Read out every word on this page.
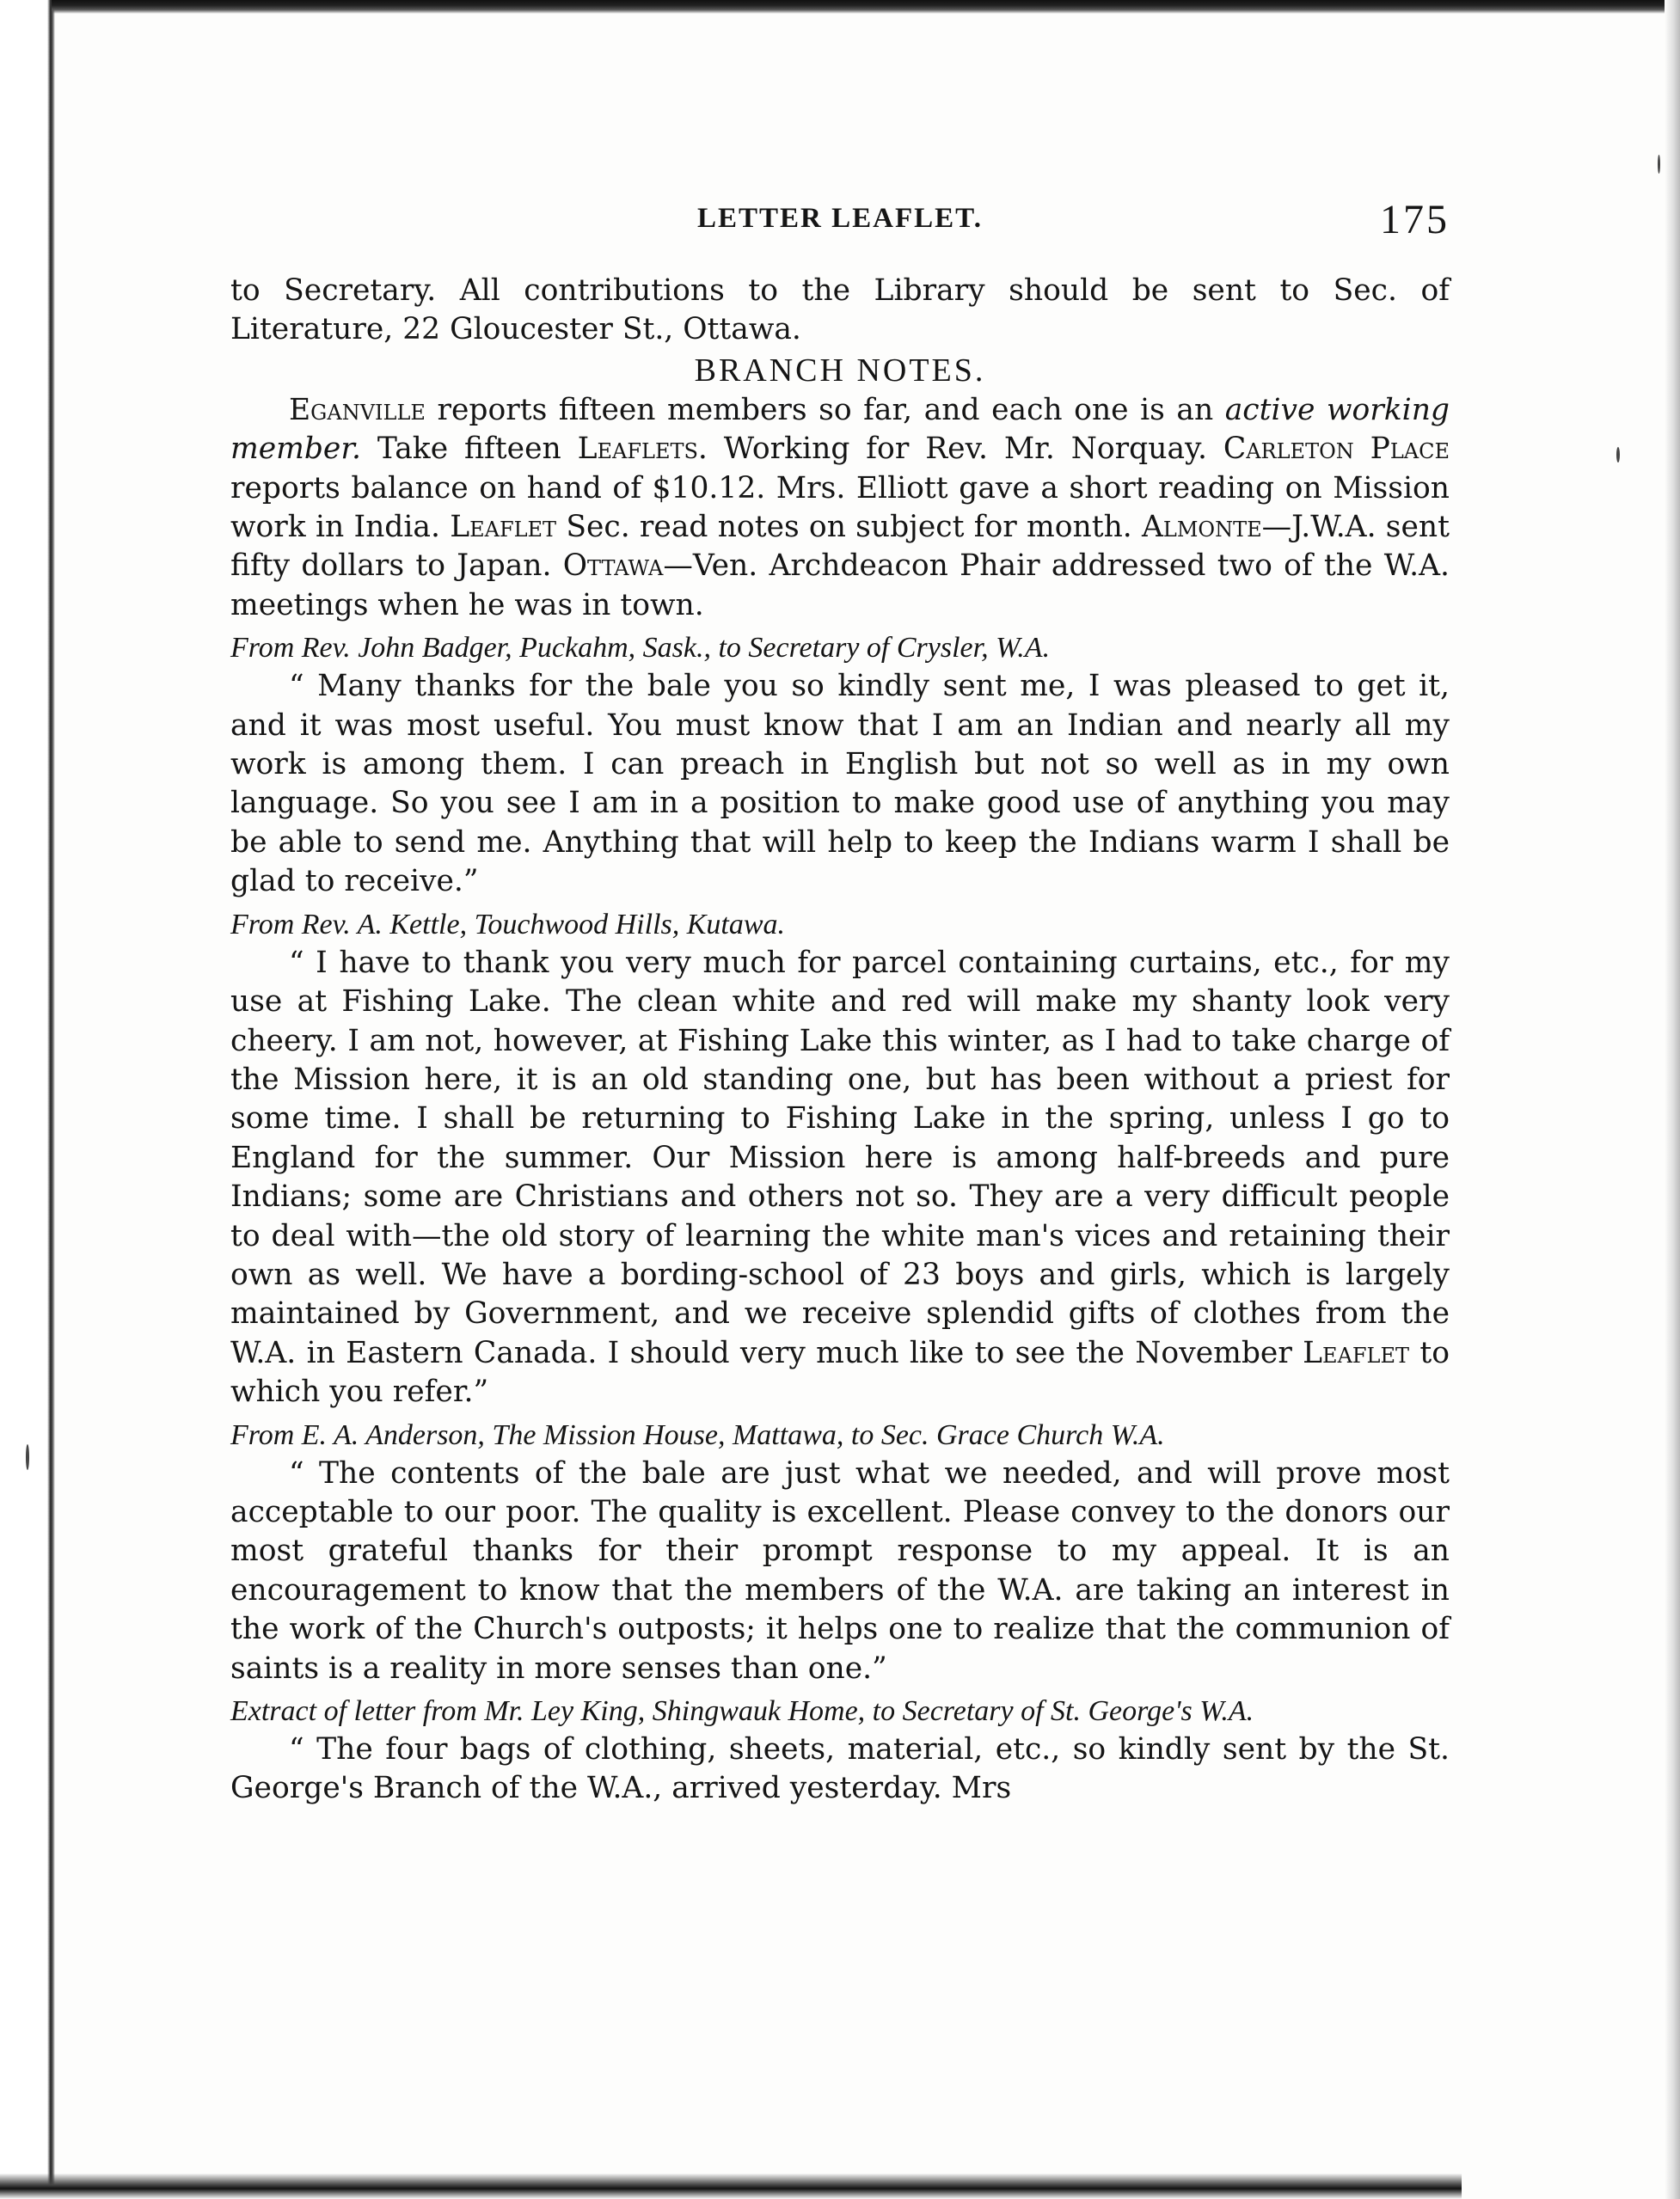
LETTER LEAFLET.	175

to Secretary. All contributions to the Library should be sent to Sec. of Literature, 22 Gloucester St., Ottawa.

BRANCH NOTES.

Eganville reports fifteen members so far, and each one is an active working member. Take fifteen Leaflets. Working for Rev. Mr. Norquay. Carleton Place reports balance on hand of $10.12. Mrs. Elliott gave a short reading on Mission work in India. Leaflet Sec. read notes on subject for month. Almonte—J.W.A. sent fifty dollars to Japan. Ottawa—Ven. Archdeacon Phair addressed two of the W.A. meetings when he was in town.

From Rev. John Badger, Puckahm, Sask., to Secretary of Crysler, W.A.

“ Many thanks for the bale you so kindly sent me, I was pleased to get it, and it was most useful. You must know that I am an Indian and nearly all my work is among them. I can preach in English but not so well as in my own language. So you see I am in a position to make good use of anything you may be able to send me. Anything that will help to keep the Indians warm I shall be glad to receive.”

From Rev. A. Kettle, Touchwood Hills, Kutawa.

“ I have to thank you very much for parcel containing curtains, etc., for my use at Fishing Lake. The clean white and red will make my shanty look very cheery. I am not, however, at Fishing Lake this winter, as I had to take charge of the Mission here, it is an old standing one, but has been without a priest for some time. I shall be returning to Fishing Lake in the spring, unless I go to England for the summer. Our Mission here is among half-breeds and pure Indians; some are Christians and others not so. They are a very difficult people to deal with—the old story of learning the white man's vices and retaining their own as well. We have a bording-school of 23 boys and girls, which is largely maintained by Government, and we receive splendid gifts of clothes from the W.A. in Eastern Canada. I should very much like to see the November Leaflet to which you refer.”

From E. A. Anderson, The Mission House, Mattawa, to Sec. Grace Church W.A.

“ The contents of the bale are just what we needed, and will prove most acceptable to our poor. The quality is excellent. Please convey to the donors our most grateful thanks for their prompt response to my appeal. It is an encouragement to know that the members of the W.A. are taking an interest in the work of the Church's outposts; it helps one to realize that the communion of saints is a reality in more senses than one.”

Extract of letter from Mr. Ley King, Shingwauk Home, to Secretary of St. George's W.A.

“ The four bags of clothing, sheets, material, etc., so kindly sent by the St. George's Branch of the W.A., arrived yesterday. Mrs
